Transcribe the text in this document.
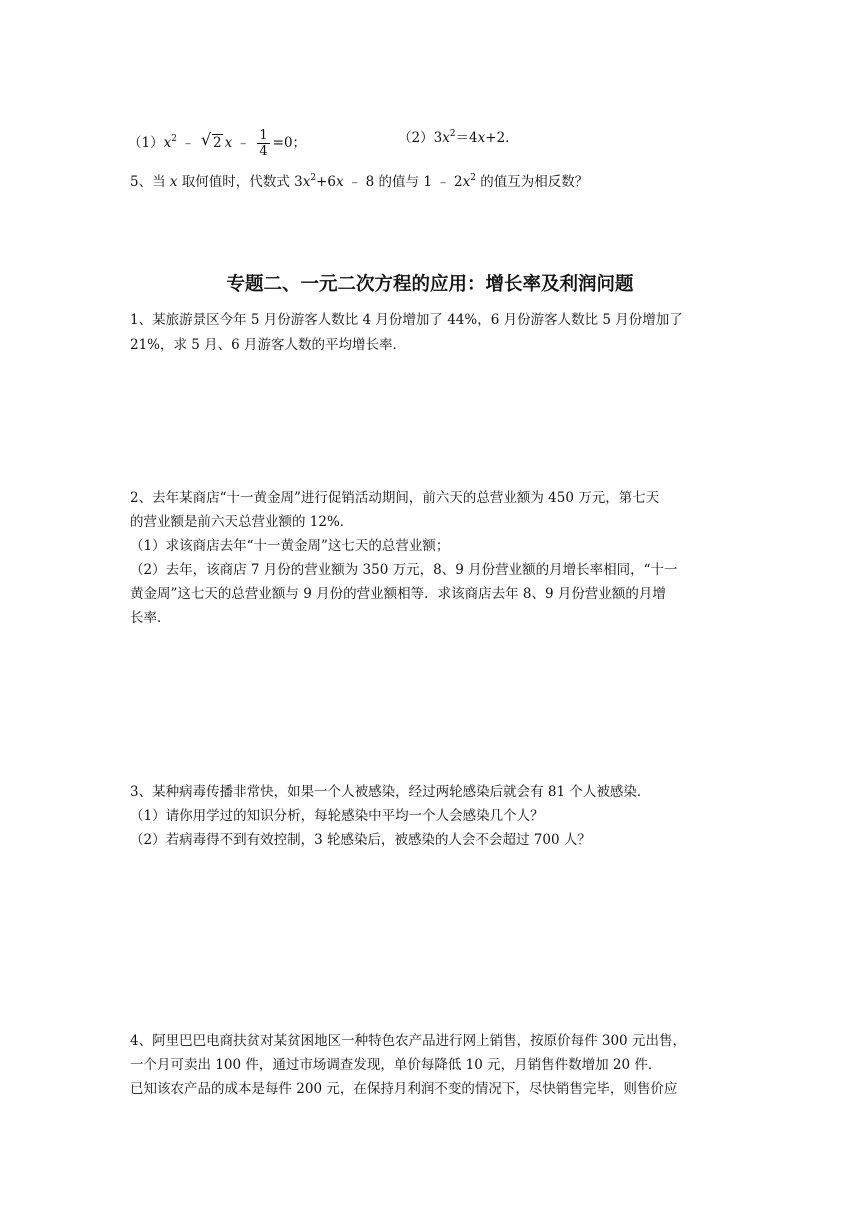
$(1)x^2$ ﹣ √ 2 x ﹣ $\frac{1}{4} =0$；	$(2)3x^2=4x+2$．
5、当 x 取何值时，代数式 $3x^2+6x$ ﹣ 8 的值与 1 ﹣ $2x^2$ 的值互为相反数？
专题二、一元二次方程的应用：增长率及利润问题
1、某旅游景区今年 5 月份游客人数比 4 月份增加了 44%，6 月份游客人数比 5 月份增加了
21%，求 5 月、6 月游客人数的平均增长率．
2、去年某商店“十一黄金周”进行促销活动期间，前六天的总营业额为 450 万元，第七天
的营业额是前六天总营业额的 12%．
（1）求该商店去年“十一黄金周”这七天的总营业额；
（2）去年，该商店 7 月份的营业额为 350 万元，8、9 月份营业额的月增长率相同，“十一
黄金周”这七天的总营业额与 9 月份的营业额相等．求该商店去年 8、9 月份营业额的月增
长率．
3、某种病毒传播非常快，如果一个人被感染，经过两轮感染后就会有 81 个人被感染．
（1）请你用学过的知识分析，每轮感染中平均一个人会感染几个人？
（2）若病毒得不到有效控制，3 轮感染后，被感染的人会不会超过 700 人？
4、阿里巴巴电商扶贫对某贫困地区一种特色农产品进行网上销售，按原价每件 300 元出售，
一个月可卖出 100 件，通过市场调查发现，单价每降低 10 元，月销售件数增加 20 件．
已知该农产品的成本是每件 200 元，在保持月利润不变的情况下，尽快销售完毕，则售价应
